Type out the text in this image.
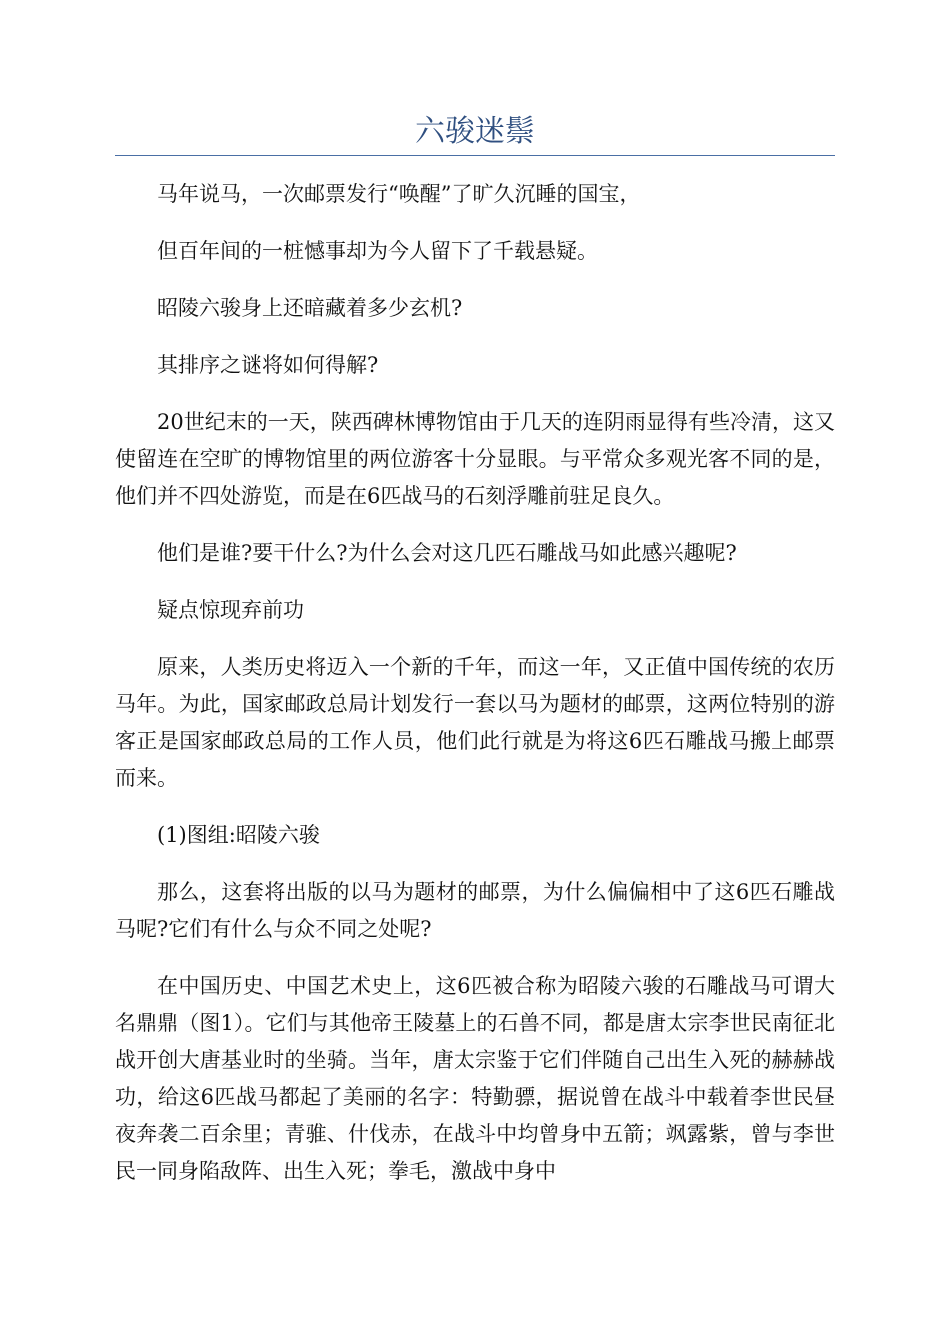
六骏迷鬃

马年说马，一次邮票发行“唤醒”了旷久沉睡的国宝，

但百年间的一桩憾事却为今人留下了千载悬疑。

昭陵六骏身上还暗藏着多少玄机?

其排序之谜将如何得解?

20世纪末的一天，陕西碑林博物馆由于几天的连阴雨显得有些冷清，这又使留连在空旷的博物馆里的两位游客十分显眼。与平常众多观光客不同的是，他们并不四处游览，而是在6匹战马的石刻浮雕前驻足良久。

他们是谁?要干什么?为什么会对这几匹石雕战马如此感兴趣呢?

疑点惊现弃前功

原来，人类历史将迈入一个新的千年，而这一年，又正值中国传统的农历马年。为此，国家邮政总局计划发行一套以马为题材的邮票，这两位特别的游客正是国家邮政总局的工作人员，他们此行就是为将这6匹石雕战马搬上邮票而来。

(1)图组:昭陵六骏

那么，这套将出版的以马为题材的邮票，为什么偏偏相中了这6匹石雕战马呢?它们有什么与众不同之处呢?

在中国历史、中国艺术史上，这6匹被合称为昭陵六骏的石雕战马可谓大名鼎鼎（图1）。它们与其他帝王陵墓上的石兽不同，都是唐太宗李世民南征北战开创大唐基业时的坐骑。当年，唐太宗鉴于它们伴随自己出生入死的赫赫战功，给这6匹战马都起了美丽的名字：特勤骠，据说曾在战斗中载着李世民昼夜奔袭二百余里；青骓、什伐赤，在战斗中均曾身中五箭；飒露紫，曾与李世民一同身陷敌阵、出生入死；拳毛，激战中身中
